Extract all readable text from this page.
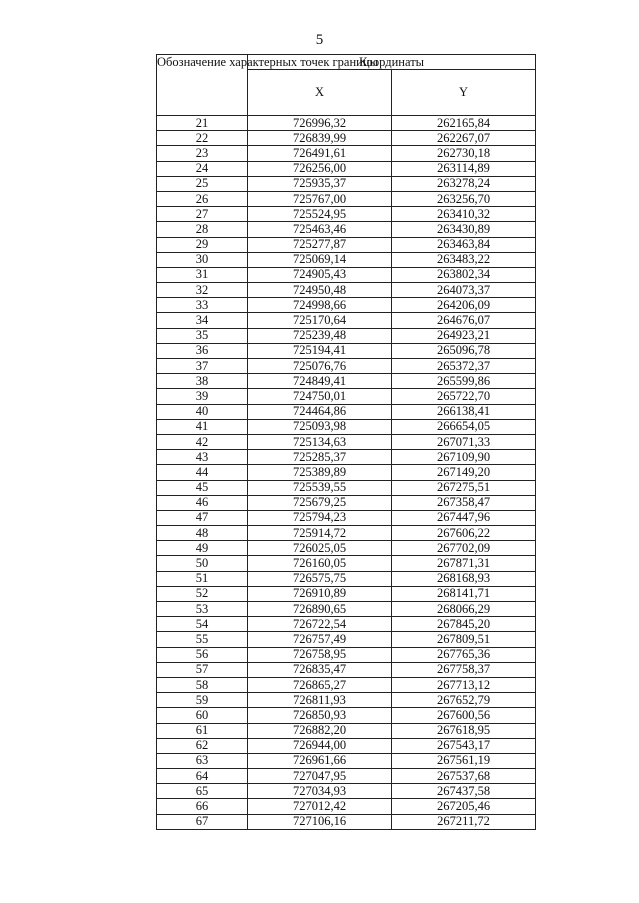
5
Обозначение характерных точек границы	Координаты	
	X	Y
21	726996,32	262165,84
22	726839,99	262267,07
23	726491,61	262730,18
24	726256,00	263114,89
25	725935,37	263278,24
26	725767,00	263256,70
27	725524,95	263410,32
28	725463,46	263430,89
29	725277,87	263463,84
30	725069,14	263483,22
31	724905,43	263802,34
32	724950,48	264073,37
33	724998,66	264206,09
34	725170,64	264676,07
35	725239,48	264923,21
36	725194,41	265096,78
37	725076,76	265372,37
38	724849,41	265599,86
39	724750,01	265722,70
40	724464,86	266138,41
41	725093,98	266654,05
42	725134,63	267071,33
43	725285,37	267109,90
44	725389,89	267149,20
45	725539,55	267275,51
46	725679,25	267358,47
47	725794,23	267447,96
48	725914,72	267606,22
49	726025,05	267702,09
50	726160,05	267871,31
51	726575,75	268168,93
52	726910,89	268141,71
53	726890,65	268066,29
54	726722,54	267845,20
55	726757,49	267809,51
56	726758,95	267765,36
57	726835,47	267758,37
58	726865,27	267713,12
59	726811,93	267652,79
60	726850,93	267600,56
61	726882,20	267618,95
62	726944,00	267543,17
63	726961,66	267561,19
64	727047,95	267537,68
65	727034,93	267437,58
66	727012,42	267205,46
67	727106,16	267211,72
